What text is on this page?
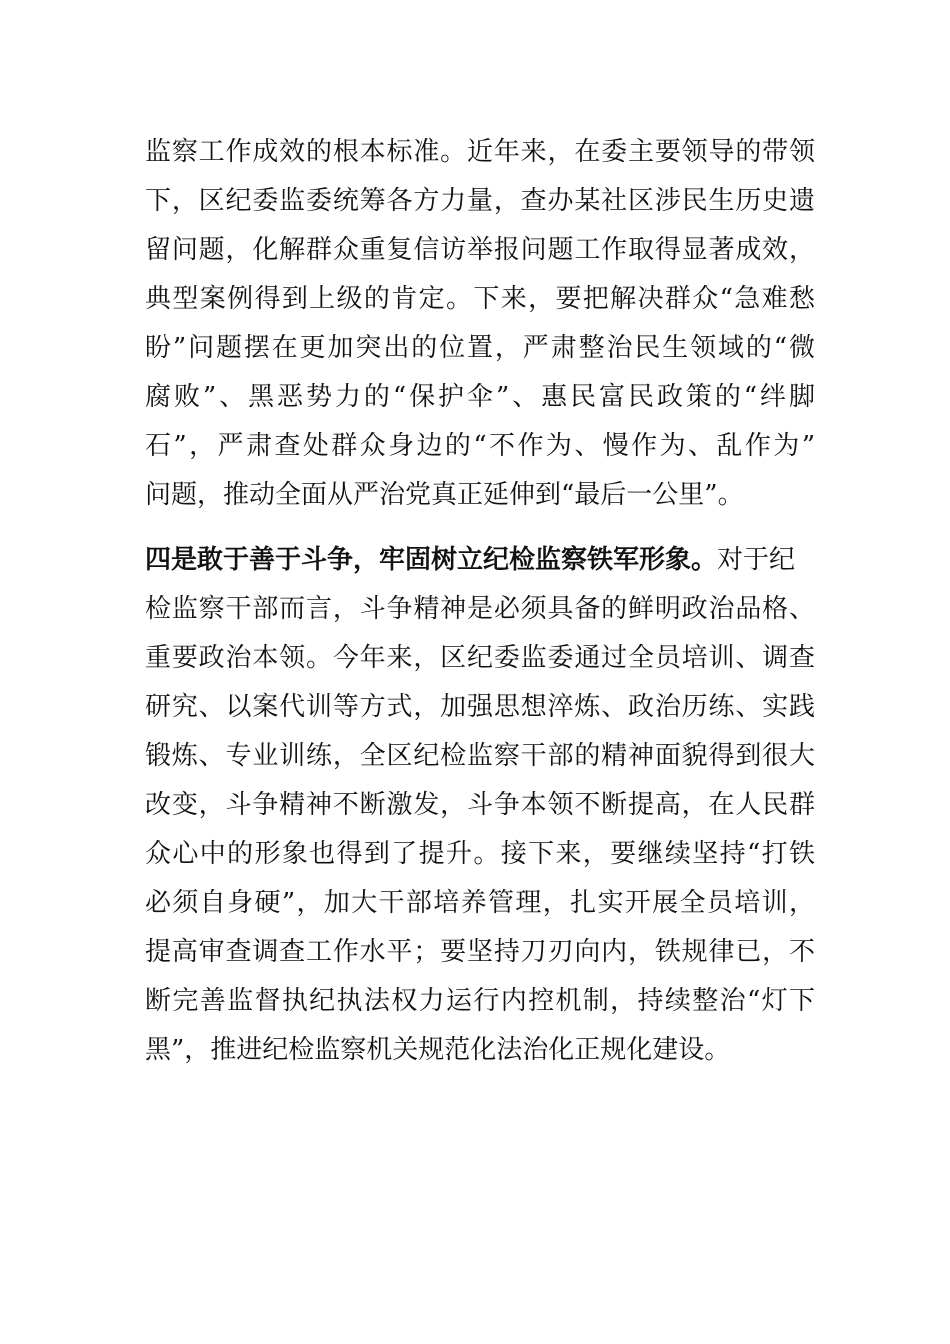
监察工作成效的根本标准。近年来，在委主要领导的带领
下，区纪委监委统筹各方力量，查办某社区涉民生历史遗
留问题，化解群众重复信访举报问题工作取得显著成效，
典型案例得到上级的肯定。下来，要把解决群众“急难愁
盼”问题摆在更加突出的位置，严肃整治民生领域的“微
腐败”、黑恶势力的“保护伞”、惠民富民政策的“绊脚
石”，严肃查处群众身边的“不作为、慢作为、乱作为”
问题，推动全面从严治党真正延伸到“最后一公里”。
四是敢于善于斗争，牢固树立纪检监察铁军形象。对于纪
检监察干部而言，斗争精神是必须具备的鲜明政治品格、
重要政治本领。今年来，区纪委监委通过全员培训、调查
研究、以案代训等方式，加强思想淬炼、政治历练、实践
锻炼、专业训练，全区纪检监察干部的精神面貌得到很大
改变，斗争精神不断激发，斗争本领不断提高，在人民群
众心中的形象也得到了提升。接下来，要继续坚持“打铁
必须自身硬”，加大干部培养管理，扎实开展全员培训，
提高审查调查工作水平；要坚持刀刃向内，铁规律已，不
断完善监督执纪执法权力运行内控机制，持续整治“灯下
黑”，推进纪检监察机关规范化法治化正规化建设。
